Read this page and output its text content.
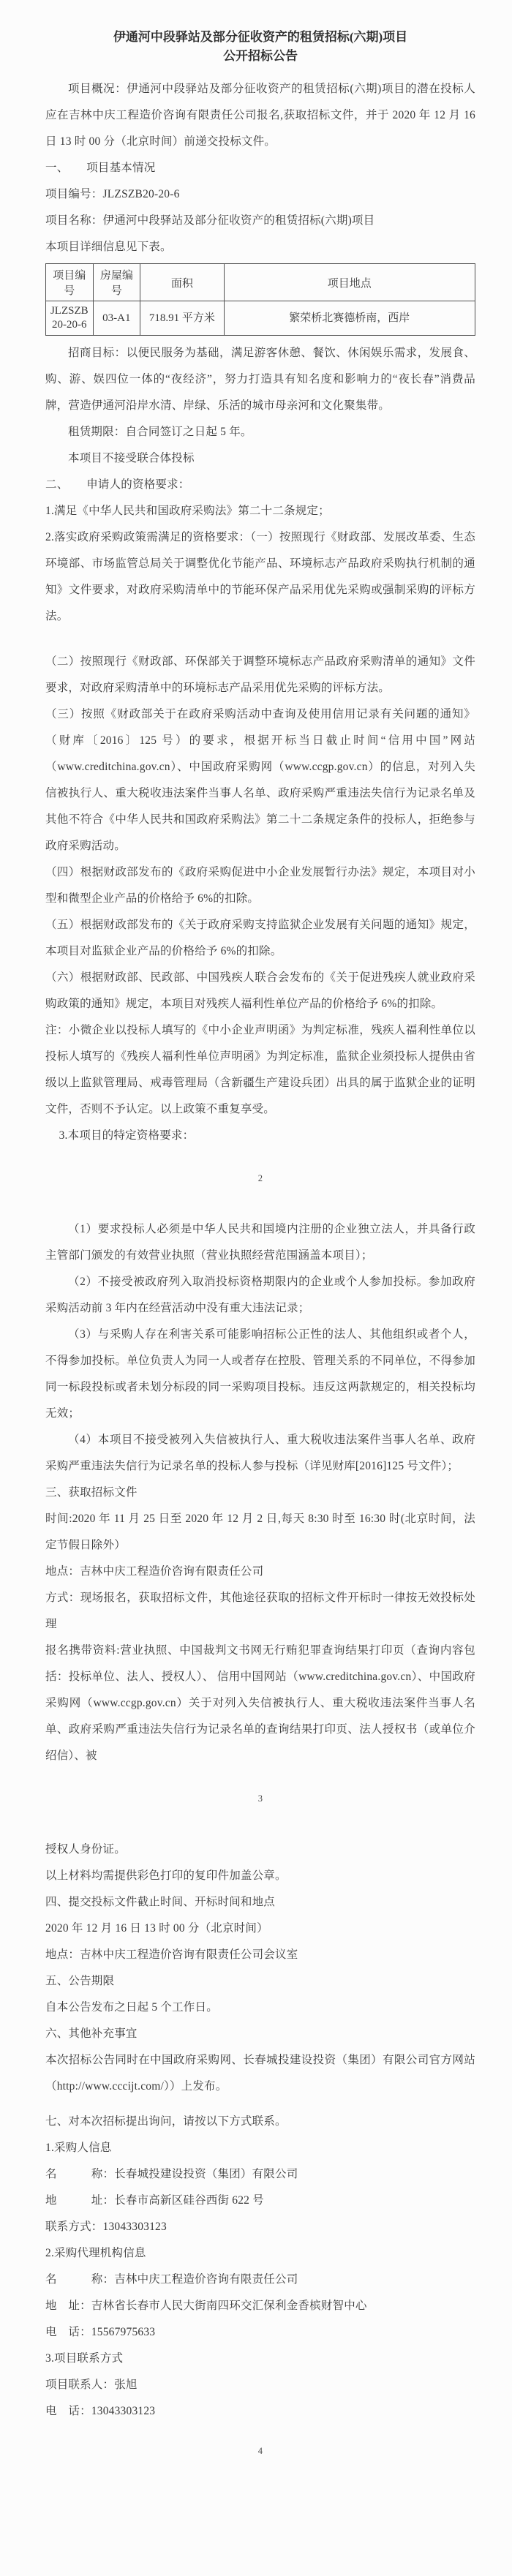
伊通河中段驿站及部分征收资产的租赁招标(六期)项目
公开招标公告

项目概况：伊通河中段驿站及部分征收资产的租赁招标(六期)项目的潜在投标人应在吉林中庆工程造价咨询有限责任公司报名,获取招标文件，并于 2020 年 12 月 16 日 13 时 00 分（北京时间）前递交投标文件。

一、 项目基本情况

项目编号：JLZSZB20-20-6

项目名称：伊通河中段驿站及部分征收资产的租赁招标(六期)项目

本项目详细信息见下表。

项目编号	房屋编号	面积	项目地点
JLZSZB20-20-6	03-A1	718.91 平方米	繁荣桥北赛德桥南，西岸

招商目标：以便民服务为基础，满足游客休憩、餐饮、休闲娱乐需求，发展食、购、游、娱四位一体的“夜经济”，努力打造具有知名度和影响力的“夜长春”消费品牌，营造伊通河沿岸水清、岸绿、乐活的城市母亲河和文化聚集带。

租赁期限：自合同签订之日起 5 年。

本项目不接受联合体投标

二、 申请人的资格要求：

1.满足《中华人民共和国政府采购法》第二十二条规定；

2.落实政府采购政策需满足的资格要求：（一）按照现行《财政部、发展改革委、生态环境部、市场监管总局关于调整优化节能产品、环境标志产品政府采购执行机制的通知》文件要求，对政府采购清单中的节能环保产品采用优先采购或强制采购的评标方法。

（二）按照现行《财政部、环保部关于调整环境标志产品政府采购清单的通知》文件要求，对政府采购清单中的环境标志产品采用优先采购的评标方法。

（三）按照《财政部关于在政府采购活动中查询及使用信用记录有关问题的通知》（财库〔2016〕125 号）的要求，根据开标当日截止时间“信用中国”网站（www.creditchina.gov.cn）、中国政府采购网（www.ccgp.gov.cn）的信息，对列入失信被执行人、重大税收违法案件当事人名单、政府采购严重违法失信行为记录名单及其他不符合《中华人民共和国政府采购法》第二十二条规定条件的投标人，拒绝参与政府采购活动。

（四）根据财政部发布的《政府采购促进中小企业发展暂行办法》规定，本项目对小型和微型企业产品的价格给予 6%的扣除。

（五）根据财政部发布的《关于政府采购支持监狱企业发展有关问题的通知》规定，本项目对监狱企业产品的价格给予 6%的扣除。

（六）根据财政部、民政部、中国残疾人联合会发布的《关于促进残疾人就业政府采购政策的通知》规定，本项目对残疾人福利性单位产品的价格给予 6%的扣除。

注：小微企业以投标人填写的《中小企业声明函》为判定标准，残疾人福利性单位以投标人填写的《残疾人福利性单位声明函》为判定标准，监狱企业须投标人提供由省级以上监狱管理局、戒毒管理局（含新疆生产建设兵团）出具的属于监狱企业的证明文件，否则不予认定。以上政策不重复享受。

3.本项目的特定资格要求：

2

（1）要求投标人必须是中华人民共和国境内注册的企业独立法人，并具备行政主管部门颁发的有效营业执照（营业执照经营范围涵盖本项目）；

（2）不接受被政府列入取消投标资格期限内的企业或个人参加投标。参加政府采购活动前 3 年内在经营活动中没有重大违法记录；

（3）与采购人存在利害关系可能影响招标公正性的法人、其他组织或者个人，不得参加投标。单位负责人为同一人或者存在控股、管理关系的不同单位，不得参加同一标段投标或者未划分标段的同一采购项目投标。违反这两款规定的，相关投标均无效；

（4）本项目不接受被列入失信被执行人、重大税收违法案件当事人名单、政府采购严重违法失信行为记录名单的投标人参与投标（详见财库[2016]125 号文件）；

三、获取招标文件

时间:2020 年 11 月 25 日至 2020 年 12 月 2 日,每天 8:30 时至 16:30 时(北京时间，法定节假日除外）

地点：吉林中庆工程造价咨询有限责任公司

方式：现场报名，获取招标文件，其他途径获取的招标文件开标时一律按无效投标处理

报名携带资料:营业执照、中国裁判文书网无行贿犯罪查询结果打印页（查询内容包括：投标单位、法人、授权人）、 信用中国网站（www.creditchina.gov.cn）、中国政府采购网（www.ccgp.gov.cn）关于对列入失信被执行人、重大税收违法案件当事人名单、政府采购严重违法失信行为记录名单的查询结果打印页、法人授权书（或单位介绍信）、被

3

授权人身份证。

以上材料均需提供彩色打印的复印件加盖公章。

四、提交投标文件截止时间、开标时间和地点

2020 年 12 月 16 日 13 时 00 分（北京时间）

地点：吉林中庆工程造价咨询有限责任公司会议室

五、公告期限

自本公告发布之日起 5 个工作日。

六、其他补充事宜

本次招标公告同时在中国政府采购网、长春城投建设投资（集团）有限公司官方网站（http://www.cccijt.com/））上发布。

七、对本次招标提出询问，请按以下方式联系。

1.采购人信息

名　　　称：长春城投建设投资（集团）有限公司

地　　　址：长春市高新区硅谷西街 622 号

联系方式：13043303123

2.采购代理机构信息

名　　　称：吉林中庆工程造价咨询有限责任公司

地　址：吉林省长春市人民大街南四环交汇保利金香槟财智中心

电　话：15567975633

3.项目联系方式

项目联系人：张旭

电　话：13043303123

4
